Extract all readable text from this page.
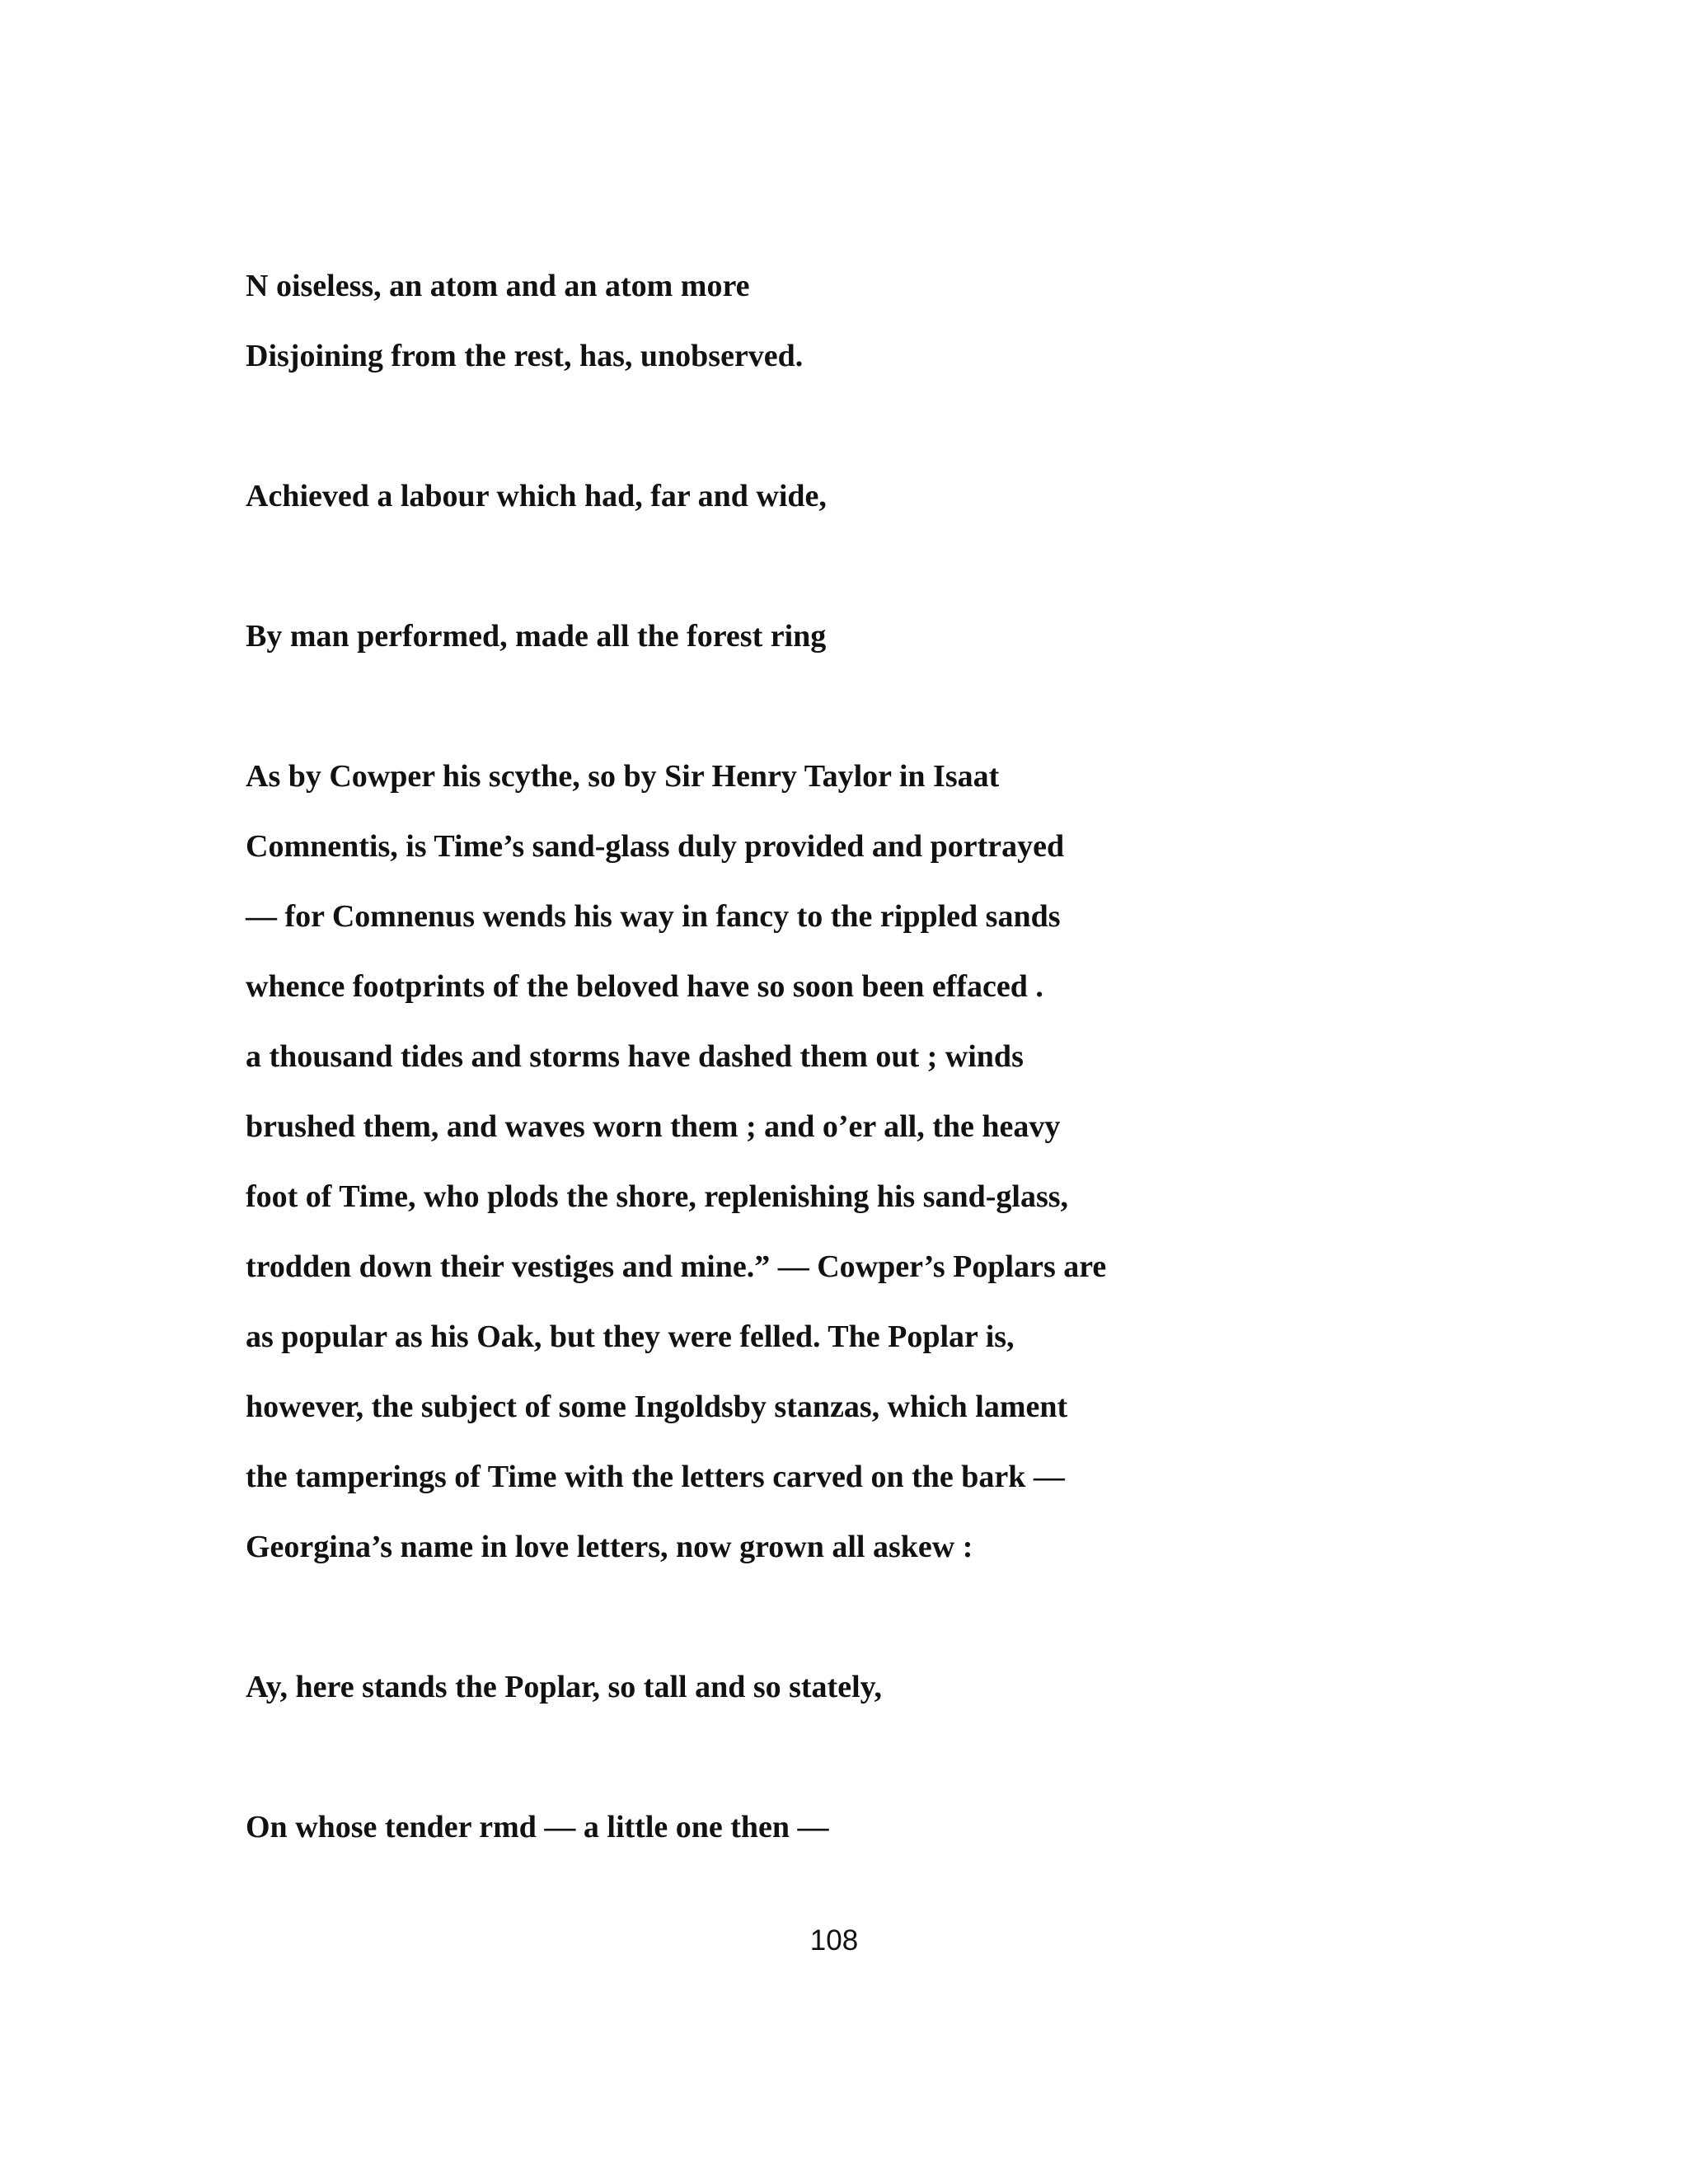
N oiseless, an atom and an atom more
Disjoining from the rest, has, unobserved.
Achieved a labour which had, far and wide,
By man performed, made all the forest ring
As by Cowper his scythe, so by Sir Henry Taylor in Isaat
Comnentis, is Time’s sand-glass duly provided and portrayed
— for Comnenus wends his way in fancy to the rippled sands
whence footprints of the beloved have so soon been effaced .
a thousand tides and storms have dashed them out ; winds
brushed them, and waves worn them ; and o’er all, the heavy
foot of Time, who plods the shore, replenishing his sand-glass,
trodden down their vestiges and mine.” — Cowper’s Poplars are
as popular as his Oak, but they were felled. The Poplar is,
however, the subject of some Ingoldsby stanzas, which lament
the tamperings of Time with the letters carved on the bark —
Georgina’s name in love letters, now grown all askew :
Ay, here stands the Poplar, so tall and so stately,
On whose tender rmd — a little one then —
108
